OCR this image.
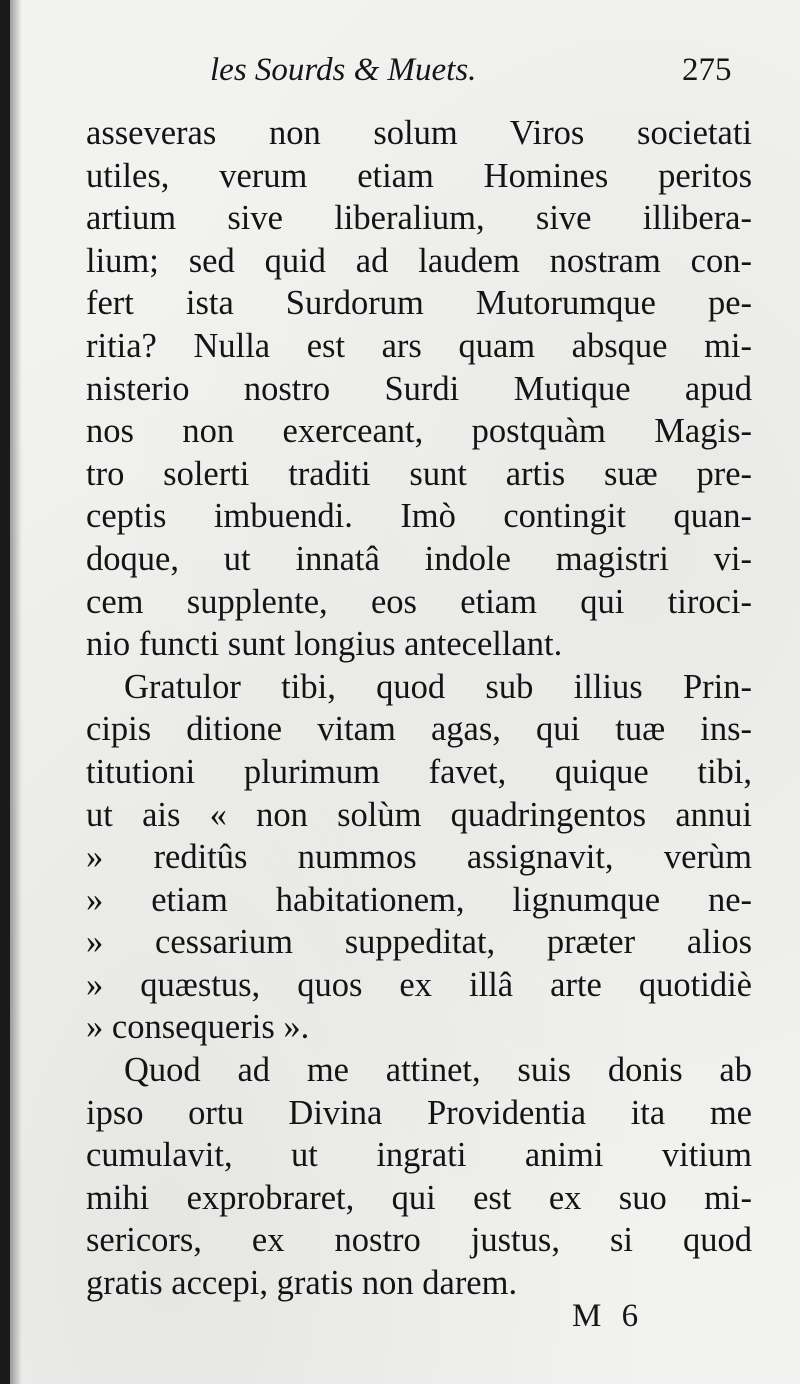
les Sourds & Muets.	275
asseveras non solum Viros societati
utiles, verum etiam Homines peritos
artium sive liberalium, sive illibera-
lium; sed quid ad laudem nostram con-
fert ista Surdorum Mutorumque pe-
ritia? Nulla est ars quam absque mi-
nisterio nostro Surdi Mutique apud
nos non exerceant, postquàm Magis-
tro solerti traditi sunt artis suæ pre-
ceptis imbuendi. Imò contingit quan-
doque, ut innatâ indole magistri vi-
cem supplente, eos etiam qui tiroci-
nio functi sunt longius antecellant.
Gratulor tibi, quod sub illius Prin-
cipis ditione vitam agas, qui tuæ ins-
titutioni plurimum favet, quique tibi,
ut ais « non solùm quadringentos annui
» reditûs nummos assignavit, verùm
» etiam habitationem, lignumque ne-
» cessarium suppeditat, præter alios
» quæstus, quos ex illâ arte quotidiè
» consequeris ».
Quod ad me attinet, suis donis ab
ipso ortu Divina Providentia ita me
cumulavit, ut ingrati animi vitium
mihi exprobraret, qui est ex suo mi-
sericors, ex nostro justus, si quod
gratis accepi, gratis non darem.
M 6
